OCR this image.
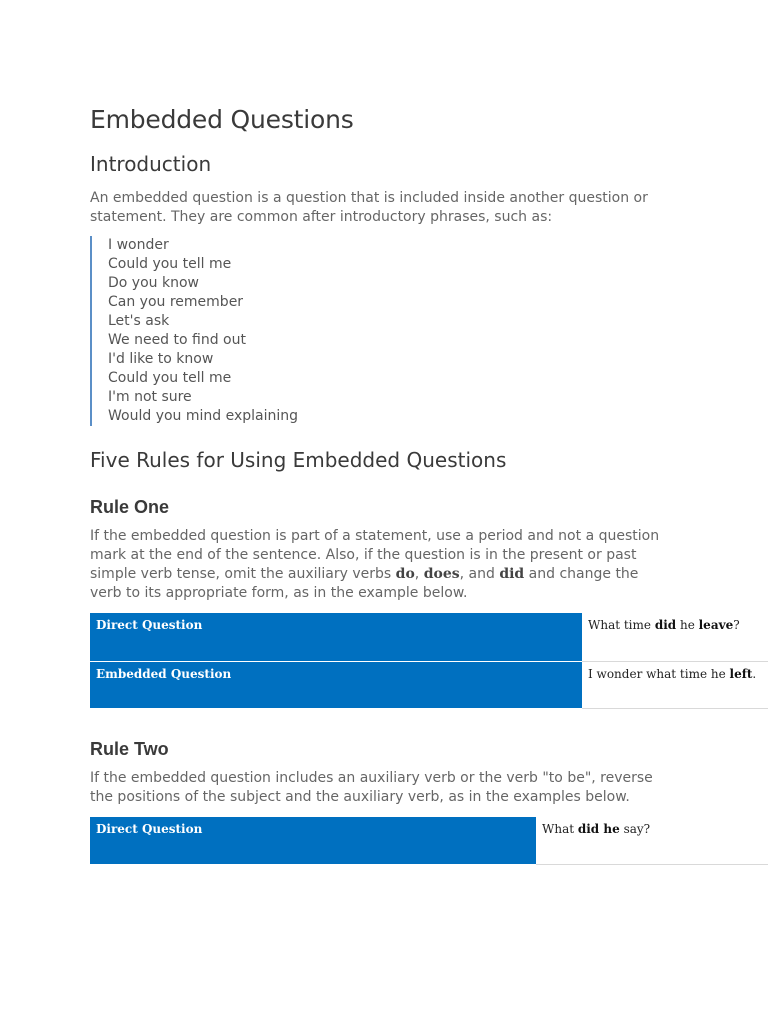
Embedded Questions
Introduction

An embedded question is a question that is included inside another question or statement. They are common after introductory phrases, such as:

I wonder
Could you tell me
Do you know
Can you remember
Let's ask
We need to find out
I'd like to know
Could you tell me
I'm not sure
Would you mind explaining
Five Rules for Using Embedded Questions
Rule One

If the embedded question is part of a statement, use a period and not a question mark at the end of the sentence. Also, if the question is in the present or past simple verb tense, omit the auxiliary verbs do, does, and did and change the verb to its appropriate form, as in the example below.

Direct Question	What time did he leave?
Embedded Question	I wonder what time he left.
Rule Two

If the embedded question includes an auxiliary verb or the verb "to be", reverse the positions of the subject and the auxiliary verb, as in the examples below.

Direct Question	What did he say?
